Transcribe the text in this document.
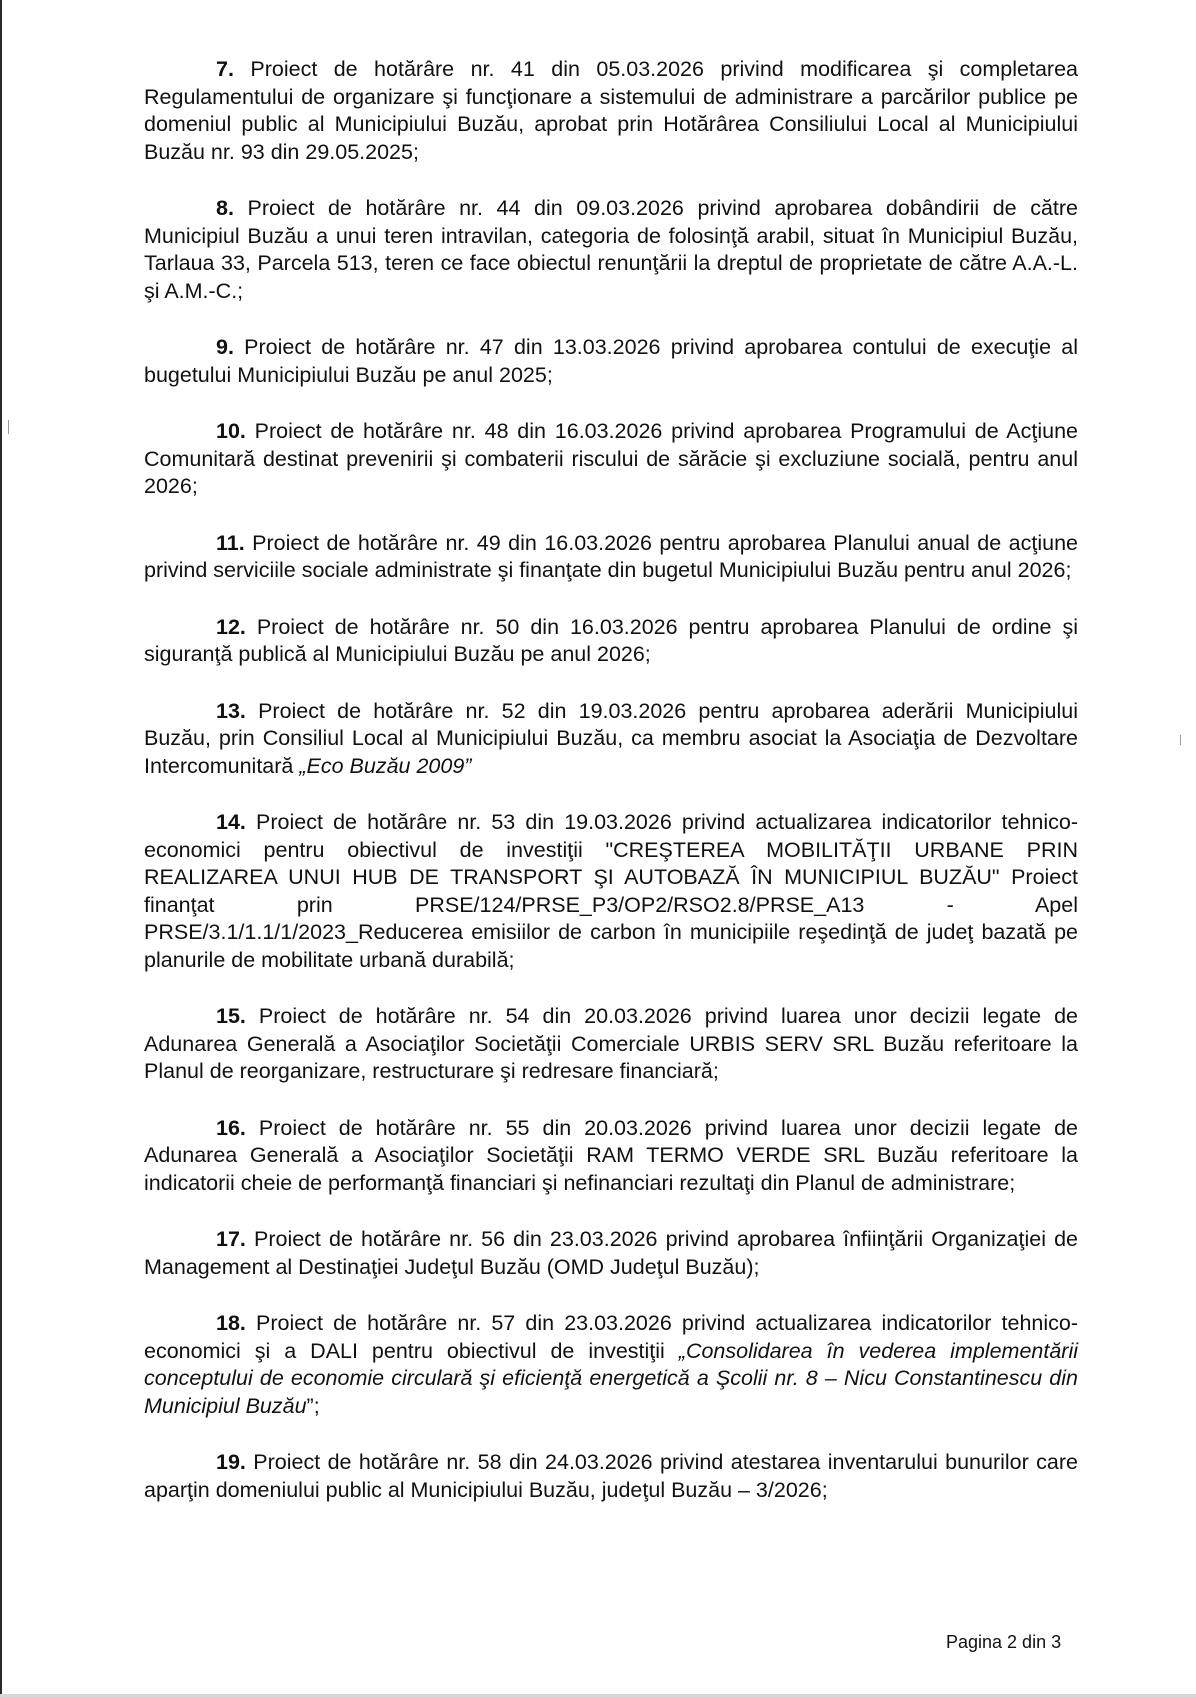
7. Proiect de hotărâre nr. 41 din 05.03.2026 privind modificarea şi completarea Regulamentului de organizare şi funcţionare a sistemului de administrare a parcărilor publice pe domeniul public al Municipiului Buzău, aprobat prin Hotărârea Consiliului Local al Municipiului Buzău nr. 93 din 29.05.2025;

8. Proiect de hotărâre nr. 44 din 09.03.2026 privind aprobarea dobândirii de către Municipiul Buzău a unui teren intravilan, categoria de folosinţă arabil, situat în Municipiul Buzău, Tarlaua 33, Parcela 513, teren ce face obiectul renunţării la dreptul de proprietate de către A.A.-L. şi A.M.-C.;

9. Proiect de hotărâre nr. 47 din 13.03.2026 privind aprobarea contului de execuţie al bugetului Municipiului Buzău pe anul 2025;

10. Proiect de hotărâre nr. 48 din 16.03.2026 privind aprobarea Programului de Acţiune Comunitară destinat prevenirii şi combaterii riscului de sărăcie şi excluziune socială, pentru anul 2026;

11. Proiect de hotărâre nr. 49 din 16.03.2026 pentru aprobarea Planului anual de acţiune privind serviciile sociale administrate şi finanţate din bugetul Municipiului Buzău pentru anul 2026;

12. Proiect de hotărâre nr. 50 din 16.03.2026 pentru aprobarea Planului de ordine şi siguranţă publică al Municipiului Buzău pe anul 2026;

13. Proiect de hotărâre nr. 52 din 19.03.2026 pentru aprobarea aderării Municipiului Buzău, prin Consiliul Local al Municipiului Buzău, ca membru asociat la Asociaţia de Dezvoltare Intercomunitară „Eco Buzău 2009”

14. Proiect de hotărâre nr. 53 din 19.03.2026 privind actualizarea indicatorilor tehnico-economici pentru obiectivul de investiţii "CREŞTEREA MOBILITĂŢII URBANE PRIN REALIZAREA UNUI HUB DE TRANSPORT ŞI AUTOBAZĂ ÎN MUNICIPIUL BUZĂU" Proiect finanţat prin PRSE/124/PRSE_P3/OP2/RSO2.8/PRSE_A13 - Apel PRSE/3.1/1.1/1/2023_Reducerea emisiilor de carbon în municipiile reşedinţă de judeţ bazată pe planurile de mobilitate urbană durabilă;

15. Proiect de hotărâre nr. 54 din 20.03.2026 privind luarea unor decizii legate de Adunarea Generală a Asociaţilor Societăţii Comerciale URBIS SERV SRL Buzău referitoare la Planul de reorganizare, restructurare şi redresare financiară;

16. Proiect de hotărâre nr. 55 din 20.03.2026 privind luarea unor decizii legate de Adunarea Generală a Asociaţilor Societăţii RAM TERMO VERDE SRL Buzău referitoare la indicatorii cheie de performanţă financiari şi nefinanciari rezultaţi din Planul de administrare;

17. Proiect de hotărâre nr. 56 din 23.03.2026 privind aprobarea înfiinţării Organizaţiei de Management al Destinaţiei Judeţul Buzău (OMD Judeţul Buzău);

18. Proiect de hotărâre nr. 57 din 23.03.2026 privind actualizarea indicatorilor tehnico-economici şi a DALI pentru obiectivul de investiţii „Consolidarea în vederea implementării conceptului de economie circulară şi eficienţă energetică a Şcolii nr. 8 – Nicu Constantinescu din Municipiul Buzău”;

19. Proiect de hotărâre nr. 58 din 24.03.2026 privind atestarea inventarului bunurilor care aparţin domeniului public al Municipiului Buzău, judeţul Buzău – 3/2026;

Pagina 2 din 3
